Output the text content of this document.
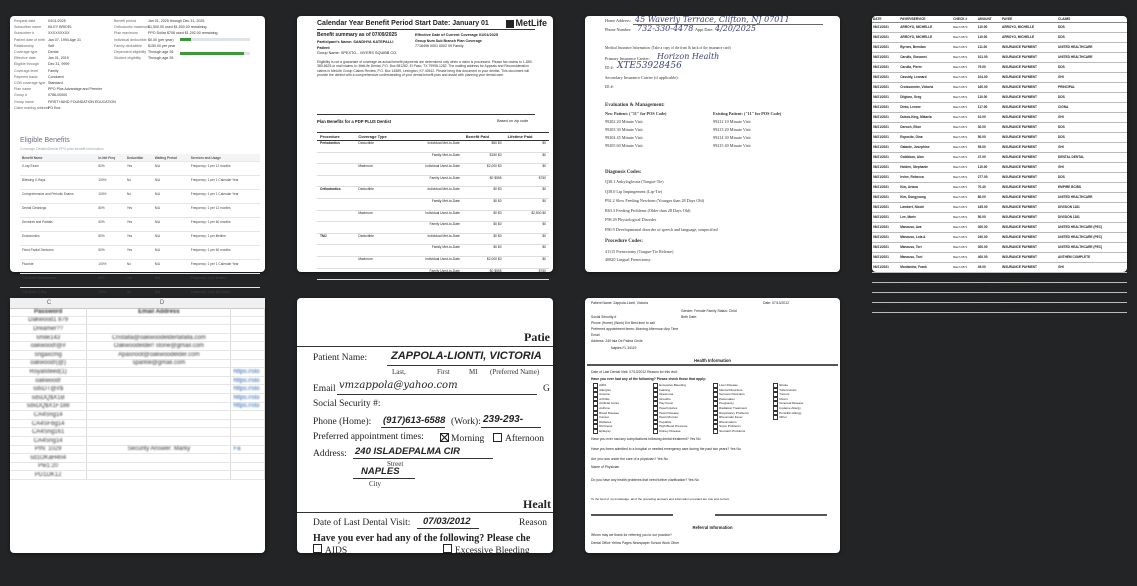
Request date	04/11/2025
Subscriber name	KILEY BRIDEL
Subscriber #	XXXXXXXXX
Patient date of birth Jan 07, 1994 Age 31
Relationship	Self
Coverage type	Dental
Effective date	Jan 01, 2019
Eligible through	Dec 31, 9999
Coverage level	Family
Payment basis	Conduent
COB coverage type Standard
Plan name	PPO Plus Advantage and Premier
Group #	0786-00000
Group name	FIRST HAND FOUNDATION EDUCATION
Claim mailing address
PO Box
Benefit period	Jan 01, 2025 through Dec 31, 2025
Orthodontic maximum
$1,500.00 used $1,500.00 remaining
Plan maximum	PPO Dollar $708 used $1,292.00 remaining
Individual deductible $0.00 (per year)
Family deductible	$150.00 per year
Dependent eligibility Through age 26
Student eligibility	Through age 26
Eligible Benefits
Coverage Details/Dental PPO plan benefit information
Benefit Name	In-Net Freq	Deductible	Waiting Period	Services and Usage
X-ray Exam	80%	Yes	N/A	Frequency: 1 per 12 months
Bitewing X-Rays	100%	No	N/A	Frequency: 1 per 1 Calendar Year
Comprehensive and Periodic Exams	100%	No	N/A	Frequency: 1 per 1 Calendar Year
Dental Cleanings	80%	Yes	N/A	Frequency: 1 per 12 months
Dentures and Partials	50%	Yes	N/A	Frequency: 1 per 60 months
Endodontics	80%	Yes	N/A	Frequency: 1 per lifetime
Fixed Partial Dentures	50%	Yes	N/A	Frequency: 1 per 60 months
Fluoride	100%	No	N/A	Frequency: 1 per 1 Calendar Year
Full Mouth Debridement	80%	Yes	N/A	Frequency: 1 per lifetime
Full Mouth X-Ray	100%	No	N/A	Frequency: 1 per 60 months
Calendar Year Benefit Period Start Date: January 01	MetLife
Benefit summary as of 07/09/2025	Effective Date of Current Coverage 01/01/2025
Participant's Name: SANDHYA KATEPALLI	Group Num Sub Branch Plan Coverage
7716496 0001 0002 09 Family
Patient
Group Name: SPEXTO... MYERS SQUIBB CO.
Eligibility is not a guarantee of coverage as actual benefit payments are determined only when a claim is processed. Please fax claims to 1-859-389-6625 or mail claims to: MetLife Dental, P.O. Box 981282, El Paso, TX 79998-1282. The mailing address for Appeals and Reconsideration claims is MetLife Group Claims Review, P.O. Box 14589, Lexington, KY 40512. Please bring this document to your dentist. This document will provide the dentist with a comprehensive understanding of your dental benefit plan and assist with planning your dental care.
Plan Benefits for a PDP PLUS Dentist	Based on zip code
Procedure	Coverage Type		Benefit Paid	Lifetime Paid
Periodontics	Deductible	Individual Met-to-Date	$50 $0	$0
		Family Met-to-Date	$150 $0	$0
	Maximum	Individual Used-to-Date	$2,000 $0	$0
		Family Used-to-Date	$0 $555	$750
Orthodontics	Deductible	Individual Met-to-Date	$0 $0	$0
		Family Met-to-Date	$0 $0	$0
	Maximum	Individual Used-to-Date	$0 $0	$2,500 $0
		Family Used-to-Date	$0 $0	$0
TMJ	Deductible	Individual Met-to-Date	$0 $0	$0
		Family Met-to-Date	$0 $0	$0
	Maximum	Individual Used-to-Date	$2,000 $0	$0
		Family Used-to-Date	$0 $555	$750
Home Address: 45 Waverly Terrace, Clifton, NJ 07011
Phone Number: 732-330-4478 Appt Date: 4/20/2025
Medical Insurance Information: (Take a copy of the front & back of the insurance card)
Primary Insurance Carrier: Horizon Health
ID #: XTE53928456
Secondary Insurance Carrier (if applicable):
ID #:
Evaluation & Management:
New Patient: ("11" for POS Code)	Existing Patient: ("11" for POS Code)
99202 20 Minute Visit
99203 30 Minute Visit
99204 45 Minute Visit
99205 60 Minute Visit
99212 10 Minute Visit
99213 20 Minute Visit
99214 30 Minute Visit
99215 40 Minute Visit
Diagnosis Codes:
Q38.1 Ankyloglossia (Tongue-Tie)
Q38.0 Lip Impingement (Lip-Tie)
P92.2 Slow Feeding Newborn (Younger than 28 Days Old)
R63.3 Feeding Problems (Older than 28 Days Old)
F98.29 Physiological Disorder
F80.9 Developmental disorder of speech and language, unspecified
Procedure Codes:
41115 Frenectomy (Tongue-Tie Release)
40820 Lingual Frenectomy
DATE	PAYER/SERVICE	CHECK #	AMOUNT	PAYEE	CLAIMS
06/21/2021	ARROYO, MICHELLE	Batch #570	110.00	ARROYO, MICHELLE	DDS
06/21/2021	ARROYO, MICHELLE	Batch #570	110.00	ARROYO, MICHELLE	DDS
06/21/2021	Byrnes, Brendan	Batch #571	111.00	INSURANCE PAYMENT	UNITED HEALTHCARE
06/21/2021	Carullo, Giovanni	Batch #571	101.00	INSURANCE PAYMENT	UNITED HEALTHCARE
06/21/2021	Carulla, Pierre	Batch #571	79.00	INSURANCE PAYMENT	DDS
06/21/2021	Cassidy, Leonard	Batch #571	104.00	INSURANCE PAYMENT	GHI
06/21/2021	Croissonnier, Victoria	Batch #571	160.00	INSURANCE PAYMENT	PRINCIPAL
06/21/2021	Dilgiaro, Greg	Batch #571	110.00	INSURANCE PAYMENT	DDS
06/21/2021	Dinto, Lenore	Batch #571	117.00	INSURANCE PAYMENT	CIGNA
06/21/2021	Dubos-King, Mikaela	Batch #571	10.00	INSURANCE PAYMENT	GHI
06/21/2021	Dzeoch, Elion	Batch #571	30.00	INSURANCE PAYMENT	DDS
06/21/2021	Esposito, Gina	Batch #571	50.00	INSURANCE PAYMENT	DDS
06/21/2021	Galante, Josephine	Batch #571	95.00	INSURANCE PAYMENT	GHI
06/21/2021	Goldblum, Alan	Batch #571	47.00	INSURANCE PAYMENT	DENTAL DENTAL
06/21/2021	Holden, Stephanie	Batch #571	110.00	INSURANCE PAYMENT	GHI
06/21/2021	Irvine, Rebecca	Batch #571	277.00	INSURANCE PAYMENT	DDS
06/21/2021	Kim, Ariana	Batch #571	70.40	INSURANCE PAYMENT	EMPIRE BC/BS
06/21/2021	Kim, Dongyoung	Batch #571	80.00	INSURANCE PAYMENT	UNITED HEALTHCARE
06/21/2021	Lambert, Nicole	Batch #571	165.00	INSURANCE PAYMENT	DIVISION 1181
06/21/2021	Lee, Marie	Batch #571	50.00	INSURANCE PAYMENT	DIVISION 1181
06/21/2021	Mancuso, Ava	Batch #571	300.00	INSURANCE PAYMENT	UNITED HEALTHCARE (PEC)
06/21/2021	Mancuso, Lola A	Batch #571	240.00	INSURANCE PAYMENT	UNITED HEALTHCARE (PEC)
06/21/2021	Mancuso, Tori	Batch #571	300.00	INSURANCE PAYMENT	UNITED HEALTHCARE (PEC)
06/21/2021	Mancuso, Toni	Batch #571	400.00	INSURANCE PAYMENT	ANTHEM COMPLETE
06/21/2021	Montanino, Frank	Batch #571	49.00	INSURANCE PAYMENT	GHI
06/21/2021	Muksa, Aidan	Batch #571	50.00	INSURANCE PAYMENT	GHI
06/21/2021	Nash, Denis	Batch #571	220.00	INSURANCE PAYMENT	GHI
06/21/2021	Nash, Jaime	Batch #571	60.00	INSURANCE PAYMENT	GHI
06/21/2021	Nash, Liam	Batch #571	60.00	INSURANCE PAYMENT	GHI
C	D
Password	Email Address	
Dakwood1 879		
Dreamer??		
smile143	Cristalla@oakwoodelderlafalla.com	
oakwood!@#	Oakwoodelder! stone@gmail.com	
sngaxcmg	Apasnoot@oakwoodelder.com	
oakwood!(@)	sparkle@gmail.com	
Royalsteed(1)		https://sto
oakwood!		https://sto
sdsDT@#$		https://sto
sdsDQ$X1B		https://sto
sdxDQ$X1F188		https://sto
CA4Sng14		
CA4SFbg14		
CA4Sng161		
CA4Sng14		
PIN: 1029	Security Answer: Marky	Fa
sd1OKaH4n4		
Pw1:20		
PD1DK12		
Patie
Patient Name: ZAPPOLA-LIONTI, VICTORIA
Last,	First	MI (Preferred Name)
Email vmzappola@yahoo.com	G
Social Security #:
Phone (Home): (917)613-6588 (Work): 239-293-
Preferred appointment times:	Morning	Afternoon
Address: 240 ISLADEPALMA CIR
Street
NAPLES
City
Healt
Date of Last Dental Visit: 07/03/2012	Reason
Have you ever had any of the following? Please che
AIDS	Excessive Bleeding
Patient Name: Zappola-Lionti, Victoria	Date: 07/13/2012
Gender: Female Family Status: Child
Social Security #	Birth Date:
Phone (Home) (Work) Ext Best time to call
Preferred appointment times: Morning Afternoon Any Time
Email
Address: 240 Isla De Palma Circle
Naples FL 34119
Health Information
Date of Last Dental Visit: 07/13/2012 Reason for this visit:
Have you ever had any of the following? Please check those that apply:
AIDS
Allergies
Anemia
Arthritis
Artificial Joints
Asthma
Blood Disease
Cancer
Diabetes
Dizziness
Epilepsy
Excessive Bleeding
Fainting
Glaucoma
Growths
Hay Fever
Head Injuries
Heart Disease
Heart Murmur
Hepatitis
High Blood Pressure
Kidney Disease
Liver Disease
Mental Disorders
Nervous Disorders
Pacemaker
Pregnancy
Radiation Treatment
Respiratory Problems
Rheumatic Fever
Rheumatism
Sinus Problems
Stomach Problems
Stroke
Tuberculosis
Tumors
Ulcers
Venereal Disease
Codeine Allergy
Penicillin Allergy
Other
Have you ever had any complications following dental treatment? Yes No
Have you been admitted to a hospital or needed emergency care during the past two years? Yes No
Are you now under the care of a physician? Yes No
Name of Physician
Do you have any health problems that need further clarification? Yes No
To the best of my knowledge, all of the preceding answers and information provided are true and correct.
Referral Information
Whom may we thank for referring you to our practice?
Dental Office Yellow Pages Newspaper School Work Other
